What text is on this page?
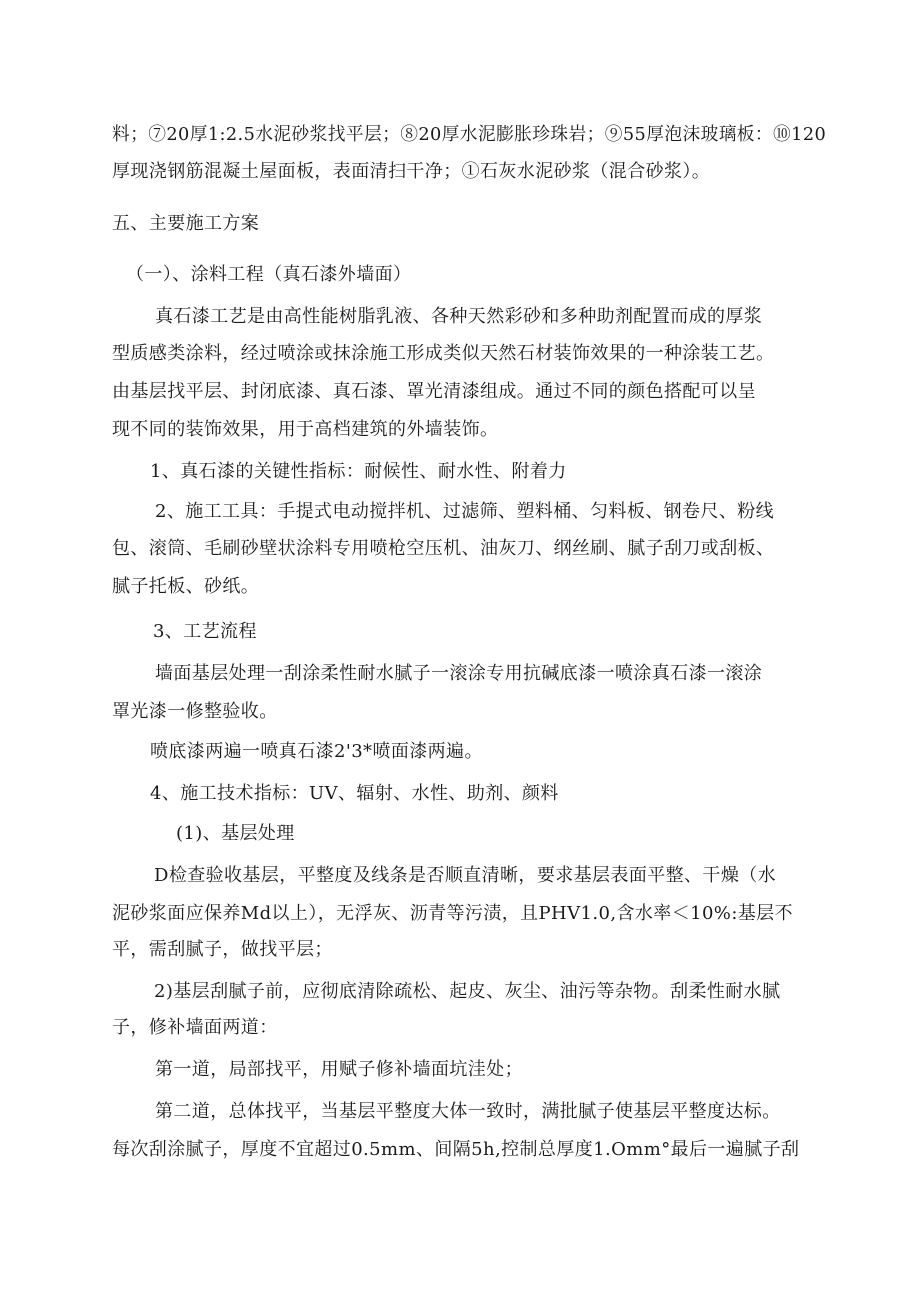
料；⑦20厚1:2.5水泥砂浆找平层；⑧20厚水泥膨胀珍珠岩；⑨55厚泡沫玻璃板：⑩120

厚现浇钢筋混凝土屋面板，表面清扫干净；①石灰水泥砂浆（混合砂浆）。

五、主要施工方案

（一）、涂料工程（真石漆外墙面）

真石漆工艺是由高性能树脂乳液、各种天然彩砂和多种助剂配置而成的厚浆

型质感类涂料，经过喷涂或抹涂施工形成类似天然石材装饰效果的一种涂装工艺。

由基层找平层、封闭底漆、真石漆、罩光清漆组成。通过不同的颜色搭配可以呈

现不同的装饰效果，用于高档建筑的外墙装饰。

1、真石漆的关键性指标：耐候性、耐水性、附着力

2、施工工具：手提式电动搅拌机、过滤筛、塑料桶、匀料板、钢卷尺、粉线

包、滚筒、毛刷砂壁状涂料专用喷枪空压机、油灰刀、纲丝刷、腻子刮刀或刮板、

腻子托板、砂纸。

3、工艺流程

墙面基层处理一刮涂柔性耐水腻子一滚涂专用抗碱底漆一喷涂真石漆一滚涂

罩光漆一修整验收。

喷底漆两遍一喷真石漆2'3*喷面漆两遍。

4、施工技术指标：UV、辐射、水性、助剂、颜料

(1)、基层处理

D检查验收基层，平整度及线条是否顺直清晰，要求基层表面平整、干燥（水

泥砂浆面应保养Md以上），无浮灰、沥青等污渍，且PHV1.0,含水率＜10%:基层不

平，需刮腻子，做找平层；

2)基层刮腻子前，应彻底清除疏松、起皮、灰尘、油污等杂物。刮柔性耐水腻

子，修补墙面两道：

第一道，局部找平，用赋子修补墙面坑洼处；

第二道，总体找平，当基层平整度大体一致时，满批腻子使基层平整度达标。

每次刮涂腻子，厚度不宜超过0.5mm、间隔5h,控制总厚度1.Omm°最后一遍腻子刮
